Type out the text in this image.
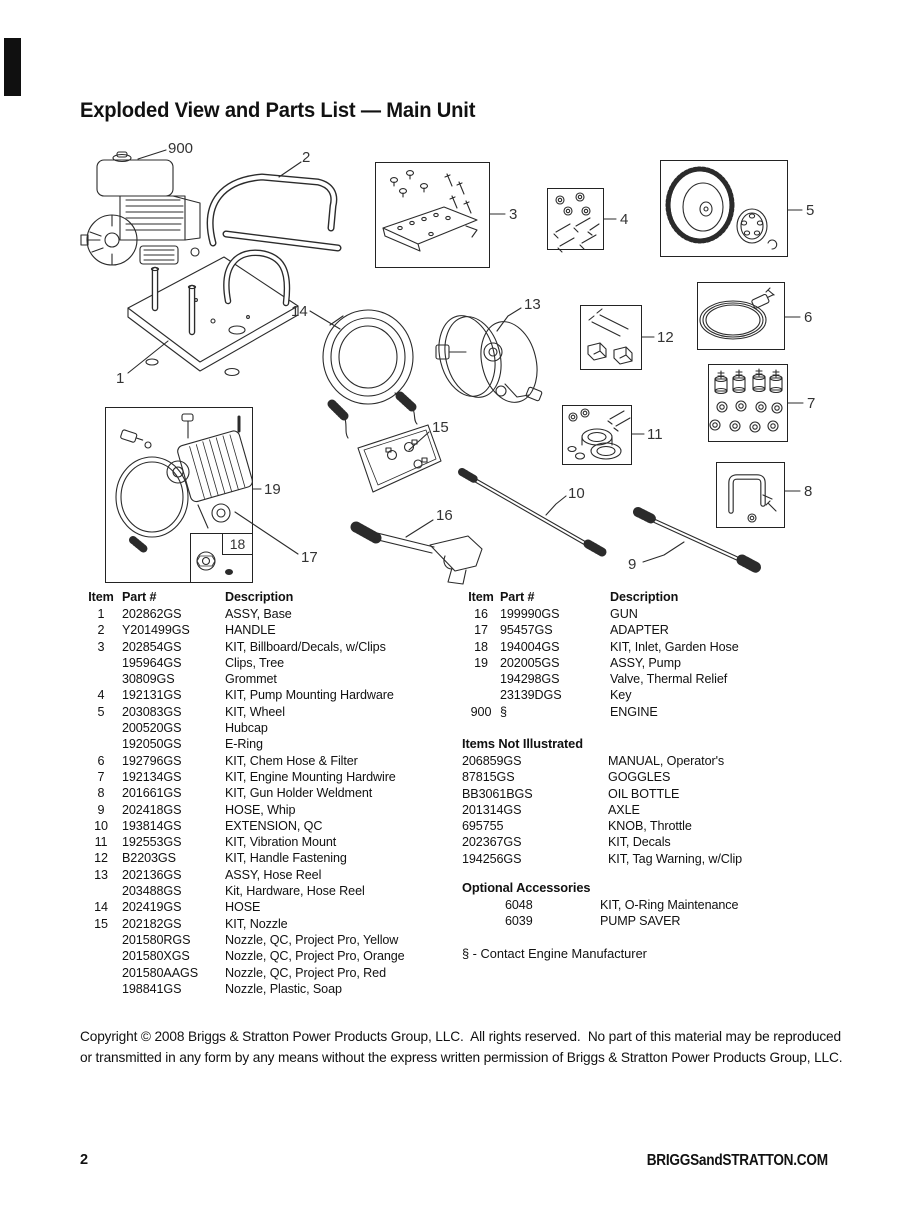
Exploded View and Parts List — Main Unit
18
900
2
3	4
5
6
7
8
9
10
11
12
13
14
15
16
17
19
1
Item Part #	Description
1	202862GS	ASSY, Base
2	Y201499GS	HANDLE
3	202854GS	KIT, Billboard/Decals, w/Clips
195964GS	Clips, Tree
30809GS	Grommet
4	192131GS	KIT, Pump Mounting Hardware
5	203083GS	KIT, Wheel
200520GS	Hubcap
192050GS	E-Ring
6	192796GS	KIT, Chem Hose & Filter
7	192134GS	KIT, Engine Mounting Hardwire
8	201661GS	KIT, Gun Holder Weldment
9	202418GS	HOSE, Whip
10	193814GS	EXTENSION, QC
11	192553GS	KIT, Vibration Mount
12	B2203GS	KIT, Handle Fastening
13	202136GS	ASSY, Hose Reel
203488GS	Kit, Hardware, Hose Reel
14	202419GS	HOSE
15	202182GS	KIT, Nozzle
201580RGS	Nozzle, QC, Project Pro, Yellow
201580XGS	Nozzle, QC, Project Pro, Orange
201580AAGS	Nozzle, QC, Project Pro, Red
198841GS	Nozzle, Plastic, Soap
Item Part #	Description
16 199990GS	GUN
17 95457GS	ADAPTER
18 194004GS	KIT, Inlet, Garden Hose
19 202005GS	ASSY, Pump
194298GS	Valve, Thermal Relief
23139DGS	Key
900 §	ENGINE
Items Not Illustrated
206859GS	MANUAL, Operator's
87815GS	GOGGLES
BB3061BGS	OIL BOTTLE
201314GS	AXLE
695755	KNOB, Throttle
202367GS	KIT, Decals
194256GS	KIT, Tag Warning, w/Clip
Optional Accessories
6048	KIT, O-Ring Maintenance
6039	PUMP SAVER
§ - Contact Engine Manufacturer
Copyright © 2008 Briggs & Stratton Power Products Group, LLC.  All rights reserved.  No part of this material may be reproduced or transmitted in any form by any means without the express written permission of Briggs & Stratton Power Products Group, LLC.
2	BRIGGSandSTRATTON.COM
